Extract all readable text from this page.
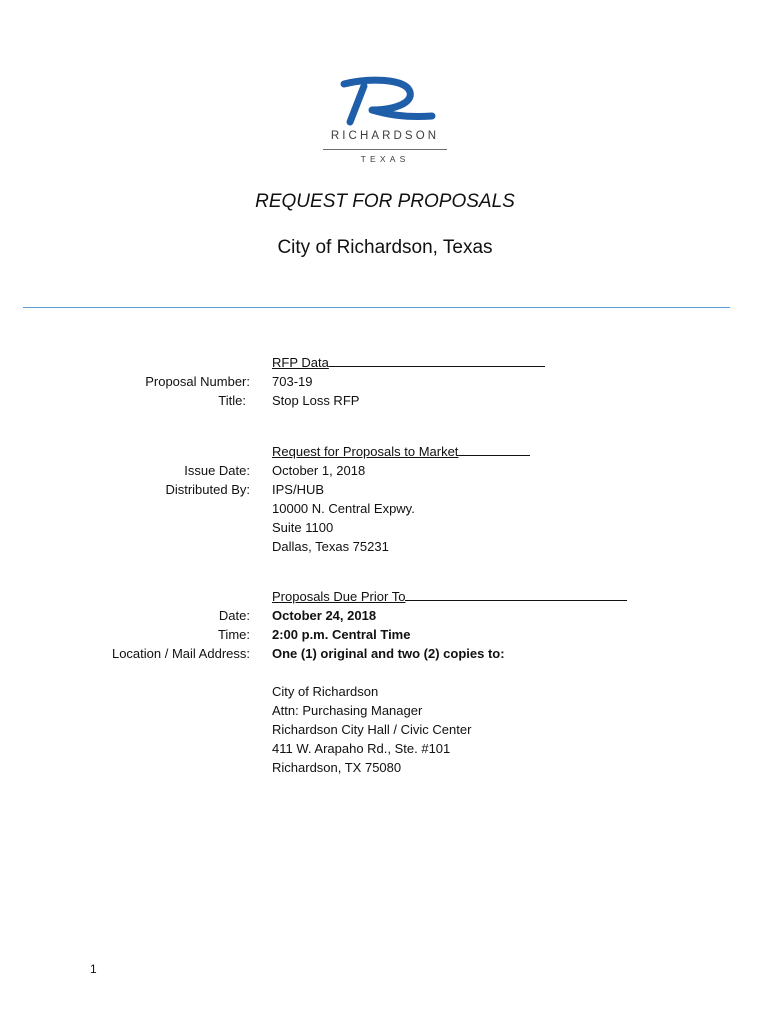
RICHARDSON
TEXAS
REQUEST FOR PROPOSALS
City of Richardson, Texas
RFP Data
Proposal Number: 703-19
Title: Stop Loss RFP
Request for Proposals to Market
Issue Date: October 1, 2018
Distributed By: IPS/HUB
10000 N. Central Expwy.
Suite 1100
Dallas, Texas 75231
Proposals Due Prior To
Date: October 24, 2018
Time: 2:00 p.m. Central Time
Location / Mail Address: One (1) original and two (2) copies to:
City of Richardson
Attn: Purchasing Manager
Richardson City Hall / Civic Center
411 W. Arapaho Rd., Ste. #101
Richardson, TX 75080
1
